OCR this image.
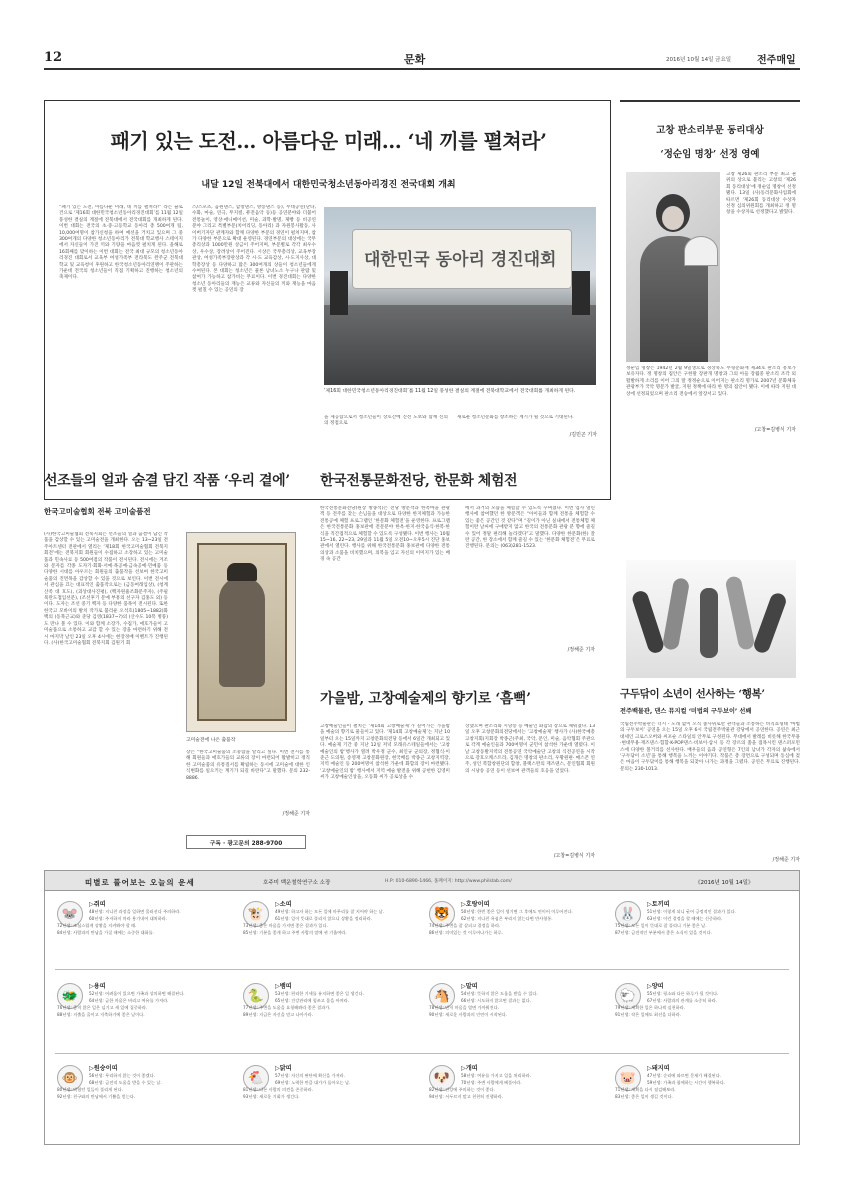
12	문화	2016년 10월 14일 금요일	전주매일
패기 있는 도전… 아름다운 미래… ‘네 끼를 펼쳐라’
내달 12일 전북대에서 대한민국청소년동아리경진 전국대회 개최
“패기 있는 도전, 아름다운 미래, 네 끼를 펼쳐라!” 라는 슬로건으로 ‘제16회 대한민국청소년동아리경진대회’를 11월 12일 풍성한 결실의 계절에 전북대에서 전국대회를 개최하게 된다. 이번 대회는 전국의 초·중·고등학교 동아리 총 500여개 팀, 10,000여명이 참가신청을 하여 예선을 거치고 있으며 그 중 300여개의 다양한 청소년동아리가 전북대 학교행사 스테이지에서 자신들이 가진 끼와 기량을 마음껏 펼치게 된다. 올해로 16회째를 맞이하는 이번 대회는 전국 최대 규모의 청소년동아리경진 대회로서 교육부 여성가족부 전라북도 완주군 전북대학교 및 교육청이 후원하고 한국청소년동아리연맹이 주관하는 가운데 전국의 청소년들이 직접 기획하고 진행하는 청소년의 축제이다.
스/스포츠, 음원댄스, 합창댄스, 방송댄스 등), 무대공연(난타, 수화, 마술, 연극, 무지컬, 퓨전음악 등)등 공연분야와 더불어 전통놀이, 영상·애니메이션, 미술, 과학·발명, 제빵 등 비공연분야 그리고 특별부문(치어리딩, 동아리) 과 자원봉사활동, 사이버기자단 관계자와 함께 다양한 부문의 경연이 펼쳐지며, 참가 다양한 부문으로 확대 운영된다. 경연부문의 대상에는 국무총리상과 1000만원 상금이 주어지며, 부문별로 각각 최우수상, 우수상, 장려상이 주어진다. 시상은 국무총리상, 교육부장관상, 여성가족부장관상과 각 시·도 교육감상, 시·도지사상, 대학총장상 등 다양하고 많은 300여개의 상들이 청소년들에게 수여된다. 본 대회는 청소년은 물론 남녀노소 누구나 관람 및 참여가 가능하고 참가비는 무료이다. 이번 경진대회는 다양한 청소년 동아리들의 재능은 교류와 자신들의 끼와 재능을 마음껏 펼칠 수 있는 공연의 장
대한민국 동아리 경진대회
‘제16회 대한민국청소년동아리경진대회’를 11월 12일 풍성한 결실의 계절에 전북대학교에서 전국대회를 개최하게 된다.
을 제공함으로서 청소년들이 상호간에 진선 도보와 함께 신의의 정점으로
새로운 청소년문화를 창조하는 계기가 될 것으로 기대된다.
/김민곤 기자
고창 판소리부문 동리대상
‘정순임 명창’ 선정 영예
고창 제26회 판소리 부문 최고 권위의 상으로 불리는 고창의 ‘제26회 동리대상’에 정순임 명창이 선정됐다. 13일 (사)동리문화사업회에 따르면 ‘제26회 동리대상 수상자 선정 심의위원회를 개최하고 정 명창을 수상자로 선정했다고 밝혔다.
정순임 명창은 1942년 2월 9일생으로 경상북도 무형문화재 제34호 판소리 흥보가 보유자다. 정 명창의 집안은 구한말 장판개 명창과 그의 아들 장월중 판소리 조각 외 활발하게 소리를 이어 그의 딸 정정순으로 이어지는 판소리 명가로 2007년 문화체육관광부가 국악 명문가 발굴, 지원 정책에 따라 한 명의 집안이 됐다. 이에 따라 지원 대상에 선정되었으며 판소리 전승에서 앞장서고 있다.
/고창=김병식 기자
선조들의 얼과 숨결 담긴 작품 ‘우리 곁에’
한국고미술협회 전북 고미술품전
(사)한국고미술협회 전북지회는 선조들의 얼과 숨결이 담긴 작품을 감상할 수 있는 고미술전을 개최한다. 오는 13~23일 전주아트센터 전관에서 열리는 ‘제18회 한국고미술협회 전북지회전’에는 전북지회 회원들이 수집하고 소장하고 있는 고미술품과 민속사료 등 500여점의 작품이 전시된다. 전시에는 겨조와 문자를 각종 도자기·회화·서예·목공예·금속공예·민예품 등 다양한 시대를 아우르는 회원들의 출품작을 선보여 한국고미술품의 진면목을 감상할 수 있을 것으로 보인다. 이번 전시에서 관심을 끄는 대표적인 출품작으로는 (금동여래입상), (청계산족 대 호도), (괴상대사진평), (백자원흉조화문주자), (주필묵란도첩입선문), (조선후기 문예 부흥의 선구자 김홍도 외) 등이다. 도자는 조선 중기 백자 등 다양한 품목이 전시된다. 또한 한국고 모바이의 발치 작가로 불리운 오석호(1805~1882)화백의 (동북근교)와 준당 김영(1837~?)의 (산수도 10폭 병풍)도 만나 볼 수 있다. 이와 함께 소장가, 수집가, 애호가들이 고미술품으로 소통하고 교감 할 수 있는 장을 마련하기 위해 전시 마지막 날인 23일 오후 4시에는 현장경매 이벤트가 진행된다. (사)한국고미술협회 전북지회 김원기 회
고미술전에 나온 출품작
장은 “한국고미술품의 소중함을 알리고 싶다. 이번 전시를 통해 회원들과 애호가들의 교류의 장이 마련되어 활발히고 정직한 고미술품의 유통질서를 확립하는 동시에 고미술에 대한 인식변화를 일으키는 계기가 되길 바란다”고 말했다. 문의 232-8886.
/정해준 기자
구독 · 광고문의 288-9700
한국전통문화전당, 한문화 체험전
한국전통문화전당(원장 방종석)은 전당 방문객과 한옥마을 관광객 등 전주를 찾는 손님들을 대상으로 다양한 한지체험과 가능한 전통공예 체험 프로그램인 ‘한문화 체험전’을 운영한다. 프로그램은 한국전통문화 홍보관에 전문분야 한옥·한지·한국음식·한복·한식을 직간접적으로 체험할 수 있도록 구성됐다. 이번 행사는 10월 15~16, 22~23, 29일과 11월 5일 오전10~오후5시 진단 홍보관에서 열린다. 행사를 위해 한국전통문화 홍보관에 다양한 전통의상과 소품을 비치했으며, 의복을 입고 자신의 이미지가 있는 배경 속 공간
에서 과거의 모습을 체험할 수 있도록 꾸며졌다. 이번 업사 열린 행사에 참여했던 한 방문객은 “아이들과 함께 전통을 체험할 수 있는 좋은 공간인 것 같다”며 “길이가 아닌 실내에서 전통체험 체험이란 날씨에 구애받지 않고 한국의 전통문화 관광 분 향에 즐길 수 있어 정말 편리해 놀라겠다”고 말했다. 다양한 한문화(한) 잘란 공간, 한 장소에서 함께 즐길 수 있는 ‘한문화 체험전’은 무료로 진행된다. 문의는 (063)281-1523.
/정해준 기자
가을밤, 고창예술제의 향기로 ‘흠뻑’
고창예술인들이 펼치는 ‘제14회 고창예술제’가 깊어가는 가을밤을 예술의 향기로 물들이고 있다. ‘제14회 고창예술제’는 지난 10일부터 오는 15일까지 고창문화의전당 등에서 6일간 개최되고 있다. 예술제 기간 중 지난 12일 저녁 모래유스테일들에서는 ‘고창예술인의 밤’행사가 열려 박우정 군수, 최인규 군의장, 정협식·이준근 도의원, 송영재 고창문화원장, 현국배를 박종근 고창지역장, 지역 예술인 등 200여명이 참석한 가운데 화합의 장이 마련됐다. ‘고창예술인의 밤’ 행사에서 지역 예술 발전을 위해 공헌한 김영미 씨가 고창예술인상을, 오동화 씨가 공로상을 수
상했으며 판소리와 시낭송 등 예술인 화합의 장으로 채워졌다. 13일 오후 고창문화의전당에서는 ‘고창예술제’ 행사가 (사)한국예총고창지회(지회장 박종근)주최, 국악, 문인, 미술, 음악협회 주관으로 각계 예술인들과 700여명이 군민이 참석한 가운데 열렸다. 이날 고창동발지역의 전통공연 국악예술단 고창의 식전공연을 시작으로 강호오케스트라, 김개은 명창의 판소리, 우황원편· 매스폰 연주, 성인 복합창원단의 합창, 블랙스완의 재즈댄스, 문인협회 회원의 시낭송 공연 등이 선보여 관객들의 호응을 얻었다.
/고창=김병식 기자
구두닦이 소년이 선사하는 ‘행복’
전주백물관, 댄스 뮤지컬 ‘미법의 구두보이’ 선봬
국립전주박물관은 더시 - 노래 없이 오직 춤사위로만 관객들과 소통하는 비직쇼형태 ‘마법의 구두보이’ 공연을 오는 15일 오후 6시 국립전주박물관 강당에서 공연한다. 공연은 최근 대세인 크로스오버와 씨포순 스타일의 안무로 구성된다. 무대에서 발레를 비롯해 한국무용·현대무용·재즈댄스·힙합·K-POP댄스·비보이·삼시 등 각 장르의 춤을 접목시킨 댄스퍼포먼스에 다양한 볼거리를 선사한다. 배우들의 음과 공연형은 7인의 남녀가 각자의 삶속에서 ‘구두닦이 소년’을 통해 행복을 느끼는 이야기다. 작품은 총 장면으로 구성되며 동심에 젖은 마음이 구두닦이를 통해 행복을 되찾아 나가는 과정을 그렸다. 공연은 무료로 진행된다. 문의는 230-1013.
/정해준 기자
띠별로 풀어보는 오늘의 운세	호주미 백운철학연구소 소장	H.P: 010-6890-1466, 홈페이지: http://www.philslab.com/	《2016년 10월 14일》
🐭
▷쥐띠
48년생: 지니친 과장을 일하면 물러선다 주의하라.
60년생: 주저하지 마라 용기내어 대처하라.
72년생: 조심스럽게 상황을 지켜봐야 할 때.
84년생: 사람과의 만남을 가질 때에는 소중한 대화를.
🐮
▷소띠
49년생: 하고자 하는 모든 일에 마무리를 잘 지어야 하는 날.
61년생: 일이 뜻대로 풀리지 않으니 상황을 정리하라.
73년생: 좋은 마음을 가지면 좋은 결과가 있다.
85년생: 기분을 좋게 하고 주변 사람의 말에 귀 기울여라.
🐯
▷호랑이띠
50년생: 한번 좋은 일이 생기면 그 후에도 연이어 이루어진다.
62년생: 지나친 욕심은 부리지 않는다면 만사형통.
74년생: 주변을 잘 살피고 결정을 하라.
86년생: 의미있는 것 이루어나가는 하루.
🐰
▷토끼띠
51년생: 이렇게 되니 굳어 긍정적인 결과가 있다.
63년생: 이런 결정을 할 때에는 신중하라.
75년생: 모든 일이 뜻대로 잘 풀리니 기분 좋은 날.
87년생: 금전적인 부분에서 좋은 소식이 있을 것이다.
🐲
▷용띠
52년생: 어려움이 있으면 가족과 상의하면 해결된다.
64년생: 급한 마음은 버리고 여유를 가져라.
76년생: 좋지 않은 일은 넘기고 새 일에 집중하라.
88년생: 지출을 줄이고 저축하기에 좋은 날이다.
🐍
▷뱀띠
53년생: 편리한 기세를 유지하면 좋은 일 생긴다.
65년생: 건강관리에 힘쓰고 몸을 아껴라.
77년생: 주변을 도움을 요청해봐라 좋은 결과가.
89년생: 지금은 자신을 믿고 나아가라.
🐴
▷말띠
54년생: 뜻하지 않은 도움을 받을 수 있다.
66년생: 시도하지 않으면 결과는 없다.
78년생: 먼저 마음을 열면 가까워진다.
90년생: 새로운 사람과의 인연이 시작된다.
🐑
▷양띠
55년생: 평소와 다른 하루가 될 것이다.
67년생: 사람과의 관계를 소중히 하라.
79년생: 계획한 일은 하나씩 실천하라.
91년생: 작은 일에도 최선을 다하라.
🐵
▷원숭이띠
56년생: 무리하지 않는 것이 좋겠다.
68년생: 금전적 도움을 받을 수 있는 날.
80년생: 막혔던 일들이 풀리게 된다.
92년생: 친구와의 만남에서 기쁨을 얻는다.
🐔
▷닭띠
57년생: 자신의 판단에 확신을 가져라.
69년생: 노력한 만큼 대가가 돌아오는 날.
81년생: 다른 사람의 의견을 존중하라.
93년생: 새로운 기회가 생긴다.
🐶
▷개띠
58년생: 여유를 가지고 일을 처리하라.
70년생: 주변 사람에게 베풀어라.
82년생: 건강에 주의하는 것이 좋다.
94년생: 서두르지 말고 천천히 진행하라.
🐷
▷돼지띠
47년생: 순리에 따르면 문제가 해결된다.
59년생: 가족과 함께하는 시간이 행복하다.
71년생: 계획을 다시 점검해보라.
83년생: 좋은 일이 생길 것이다.
